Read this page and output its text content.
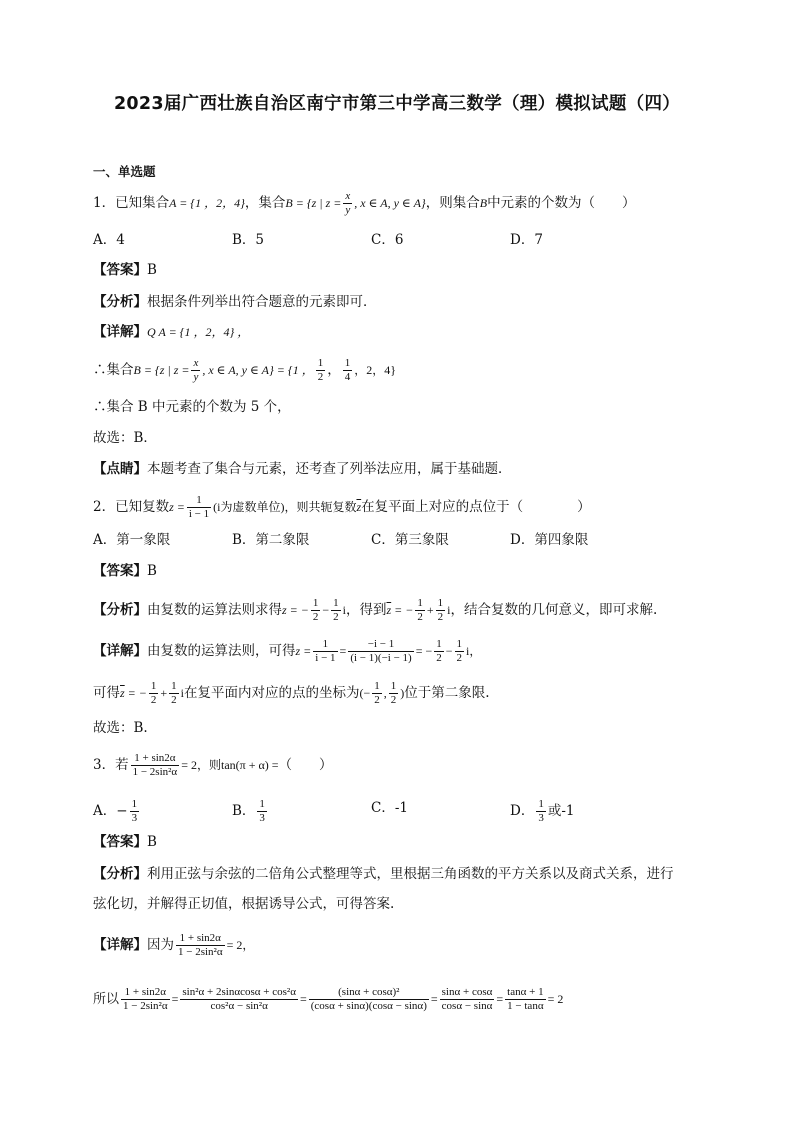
2023届广西壮族自治区南宁市第三中学高三数学（理）模拟试题（四）
一、单选题
1．已知集合A = {1 ，2，4}，集合B = {z | $z = \frac{x}{y}$ , x ∈ A, y ∈ A}，则集合B中元素的个数为（　　）
A．4	B．5	C．6	D．7
【答案】B
【分析】根据条件列举出符合题意的元素即可．
【详解】Q A = {1 ，2，4} ，
∴集合B = {z | $z = \frac{x}{y}$ , x ∈ A, y ∈ A} = {1 ， $\frac{1}{2}$ ， $\frac{1}{4}$ ，2，4}
∴集合 B 中元素的个数为 5 个，
故选：B．
【点睛】本题考查了集合与元素，还考查了列举法应用，属于基础题．
2．已知复数$z = \frac{1}{i - 1} (i$为虚数单位)，则共轭复数$\overline{z}$在复平面上对应的点位于（　　　　）
A．第一象限	B．第二象限	C．第三象限	D．第四象限
【答案】B
【分析】由复数的运算法则求得z = − $\frac{1}{2} - \frac{1}{2}$ i，得到$\overline{z}$ = − $\frac{1}{2} + \frac{1}{2}$ i，结合复数的几何意义，即可求解.
【详解】由复数的运算法则，可得$z = \frac{1}{i - 1} = \frac{-i - 1}{(i - 1)(-i - 1)}$ = − $\frac{1}{2} - \frac{1}{2}$ i，
可得$\overline{z}$ = − $\frac{1}{2} + \frac{1}{2}$ i在复平面内对应的点的坐标为(− $\frac{1}{2}$ , $\frac{1}{2}$ )位于第二象限.
故选：B.
3．若 $\frac{1 + \sin 2\alpha}{\text{1 − 2sin²α}} = 2$，则tan(π + α) =（　　）
A．− $\frac{1}{3}$	B． $\frac{1}{3}$	C．-1	D． $\frac{1}{3}$ 或-1
【答案】B
【分析】利用正弦与余弦的二倍角公式整理等式，里根据三角函数的平方关系以及商式关系，进行
弦化切，并解得正切值，根据诱导公式，可得答案.
【详解】因为 $\frac{1 + \sin 2\alpha}{\text{1 − 2sin²α}} = 2$，
所以 $\frac{1 + \sin 2\alpha}{\text{1 − 2sin²α}} = \frac{\text{sin²α + 2sinαcosα + cos²α}}{\text{cos²α − sin²α}} = \frac{\text{(sinα + cosα)²}}{(\cos\alpha + \sin\alpha)(\cos\alpha - \sin\alpha)} = \frac{\sin\alpha + \cos\alpha}{\cos\alpha - \sin\alpha} = \frac{\tan\alpha + 1}{1 - \tan\alpha} = 2$
